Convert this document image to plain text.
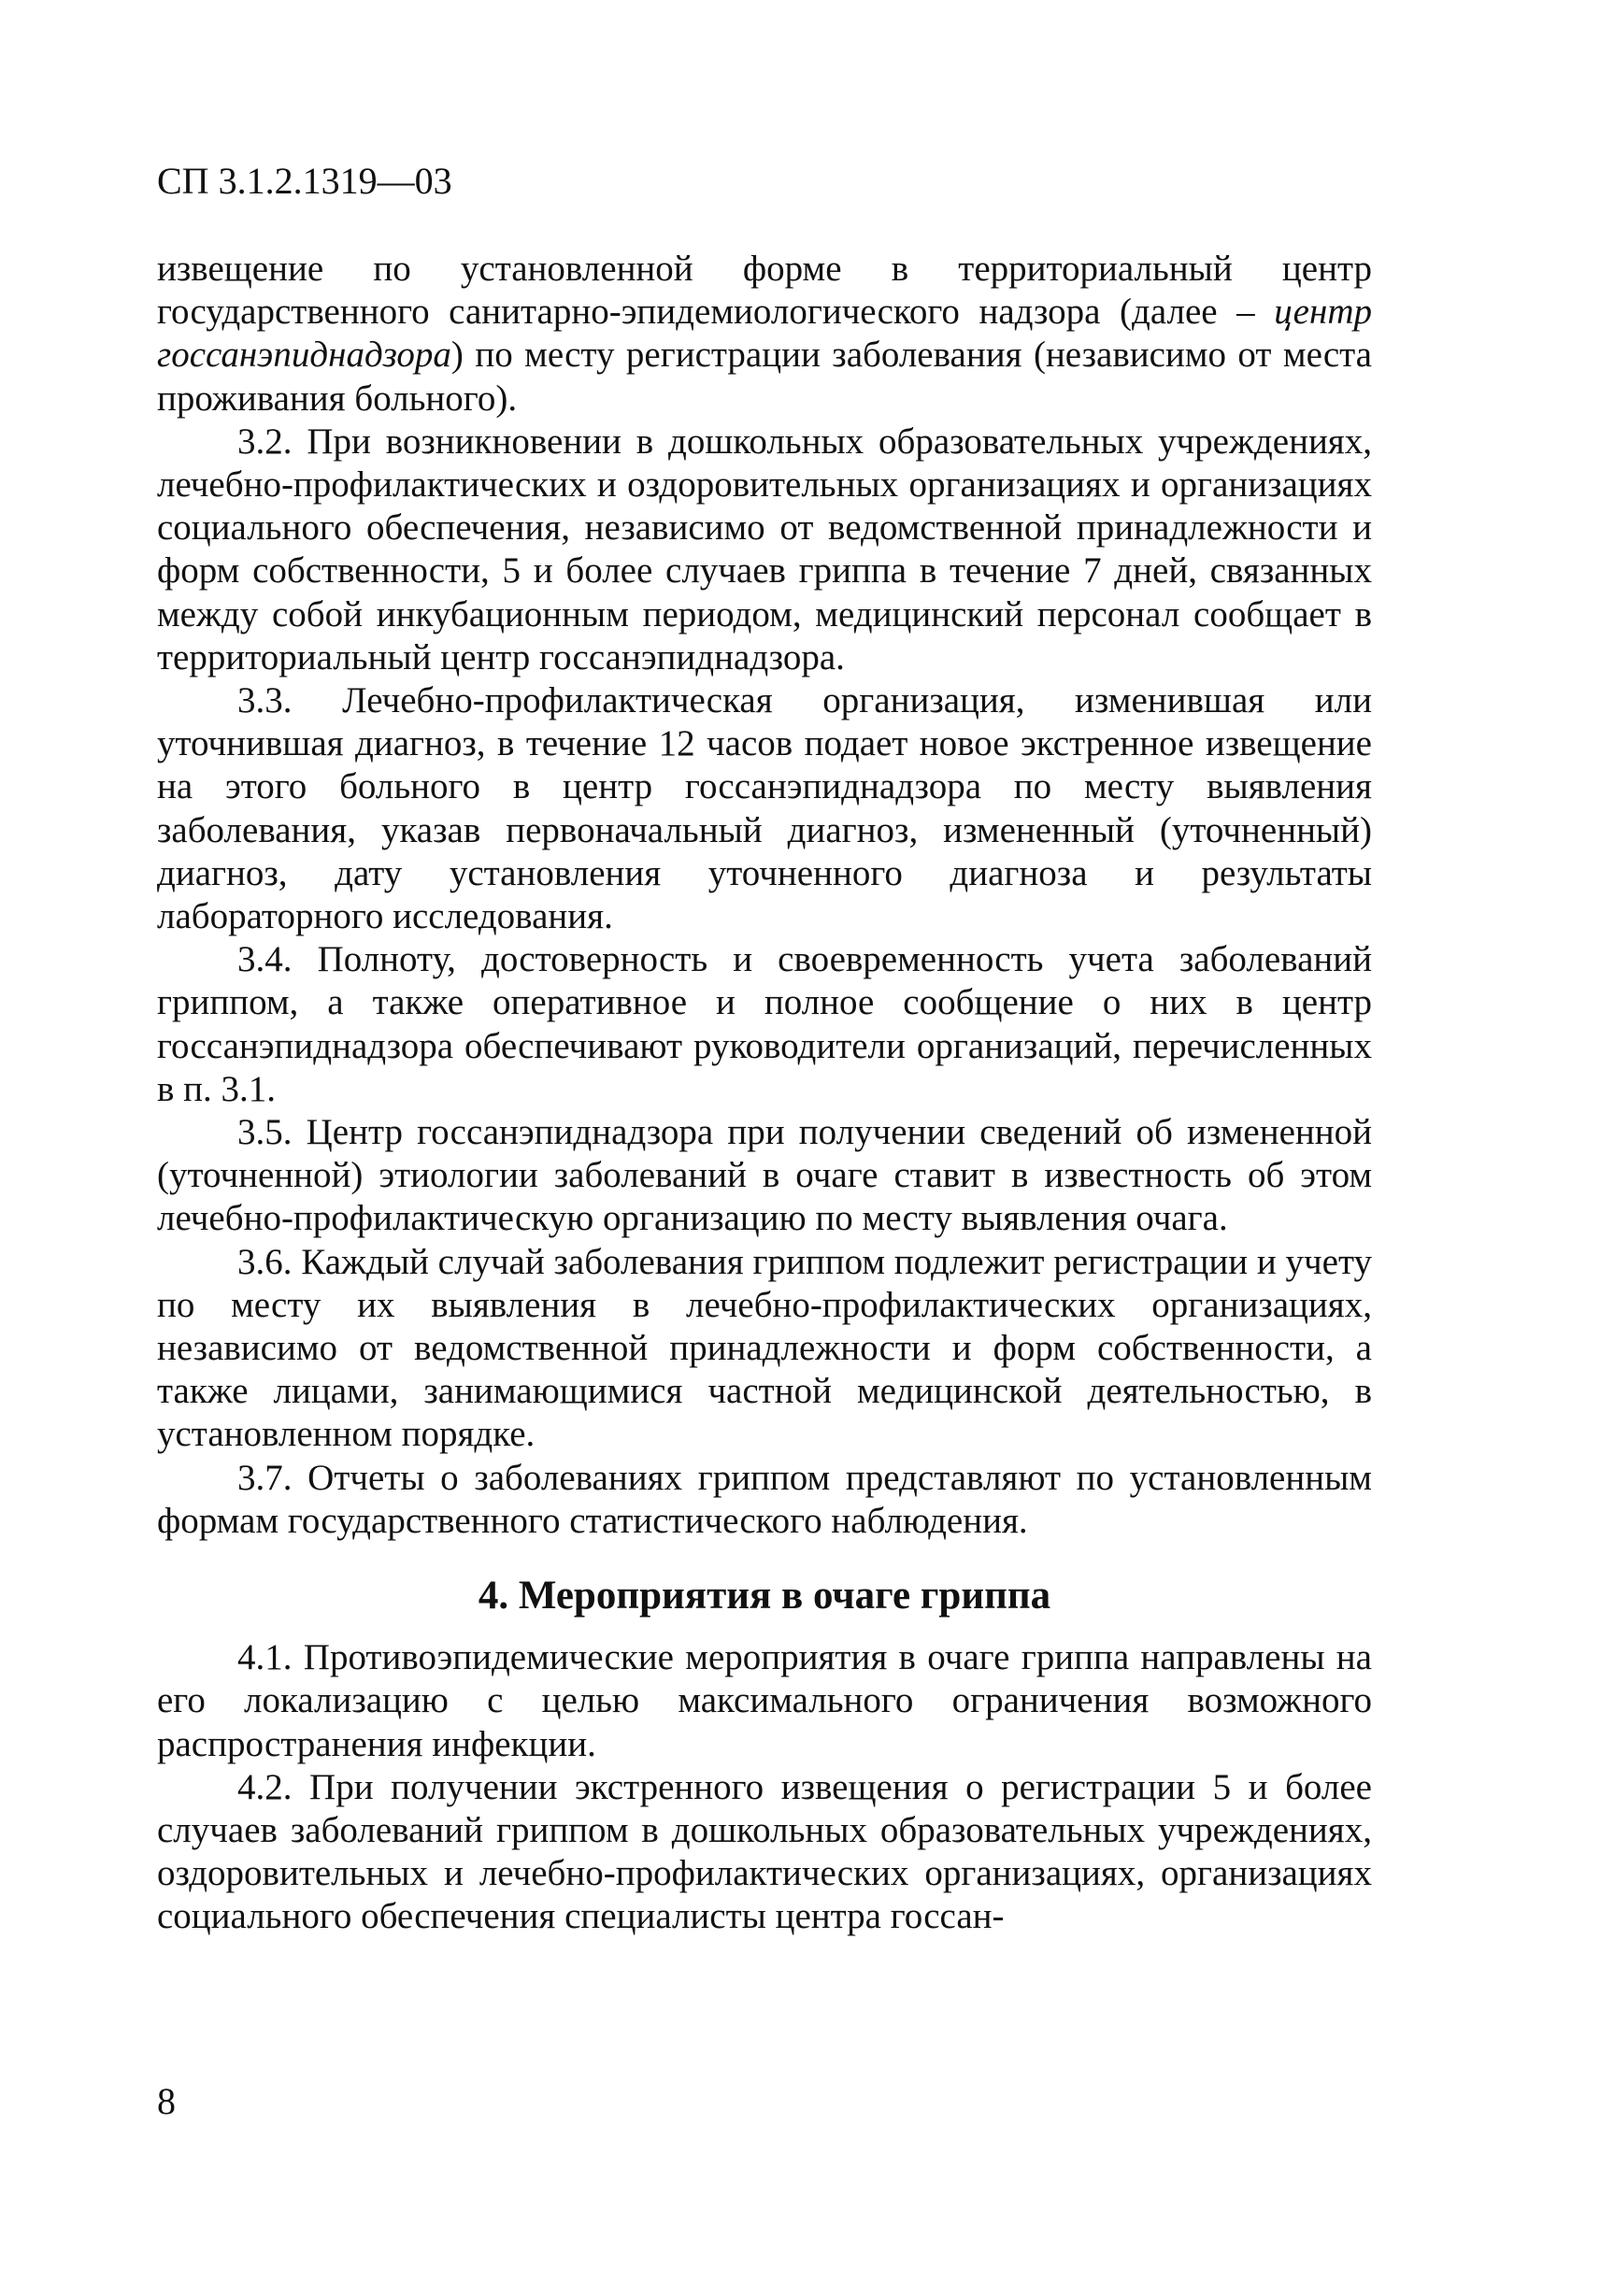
СП 3.1.2.1319—03

извещение по установленной форме в территориальный центр государственного санитарно-эпидемиологического надзора (далее – центр госсанэпиднадзора) по месту регистрации заболевания (независимо от места проживания больного).

3.2. При возникновении в дошкольных образовательных учреждениях, лечебно-профилактических и оздоровительных организациях и организациях социального обеспечения, независимо от ведомственной принадлежности и форм собственности, 5 и более случаев гриппа в течение 7 дней, связанных между собой инкубационным периодом, медицинский персонал сообщает в территориальный центр госсанэпиднадзора.

3.3. Лечебно-профилактическая организация, изменившая или уточнившая диагноз, в течение 12 часов подает новое экстренное извещение на этого больного в центр госсанэпиднадзора по месту выявления заболевания, указав первоначальный диагноз, измененный (уточненный) диагноз, дату установления уточненного диагноза и результаты лабораторного исследования.

3.4. Полноту, достоверность и своевременность учета заболеваний гриппом, а также оперативное и полное сообщение о них в центр госсанэпиднадзора обеспечивают руководители организаций, перечисленных в п. 3.1.

3.5. Центр госсанэпиднадзора при получении сведений об измененной (уточненной) этиологии заболеваний в очаге ставит в известность об этом лечебно-профилактическую организацию по месту выявления очага.

3.6. Каждый случай заболевания гриппом подлежит регистрации и учету по месту их выявления в лечебно-профилактических организациях, независимо от ведомственной принадлежности и форм собственности, а также лицами, занимающимися частной медицинской деятельностью, в установленном порядке.

3.7. Отчеты о заболеваниях гриппом представляют по установленным формам государственного статистического наблюдения.

4. Мероприятия в очаге гриппа

4.1. Противоэпидемические мероприятия в очаге гриппа направлены на его локализацию с целью максимального ограничения возможного распространения инфекции.

4.2. При получении экстренного извещения о регистрации 5 и более случаев заболеваний гриппом в дошкольных образовательных учреждениях, оздоровительных и лечебно-профилактических организациях, организациях социального обеспечения специалисты центра госсан-

8
